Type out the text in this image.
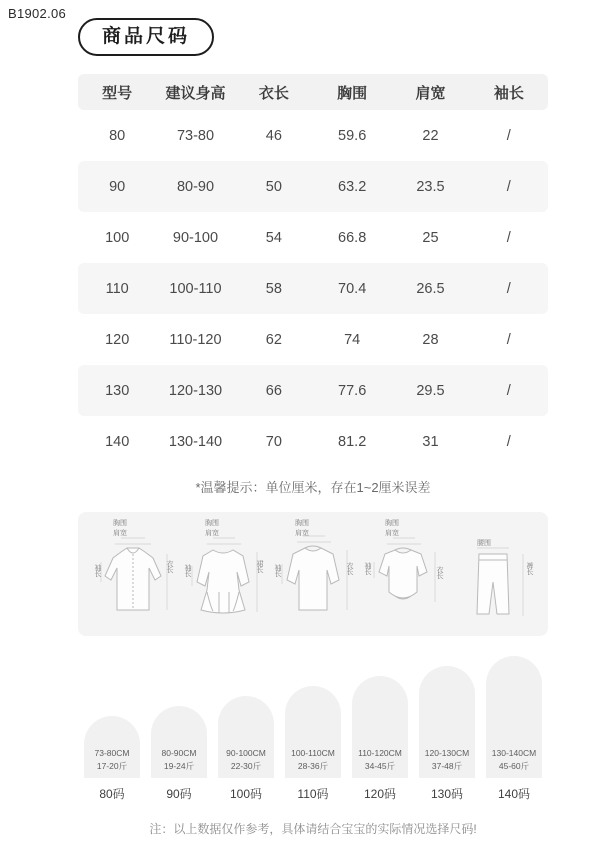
B1902.06
商品尺码
型号	建议身高	衣长	胸围	肩宽	袖长
80	73-80	46	59.6	22	/
90	80-90	50	63.2	23.5	/
100	90-100	54	66.8	25	/
110	100-110	58	70.4	26.5	/
120	110-120	62	74	28	/
130	120-130	66	77.6	29.5	/
140	130-140	70	81.2	31	/
*温馨提示：单位厘米，存在1~2厘米误差
胸围
肩宽
袖长	衣长
胸围
肩宽
袖长	裙长
胸围
肩宽
袖长	衣长
胸围
肩宽
袖长	衣长
腰围
裤长
73-80CM
17-20斤
80码
80-90CM
19-24斤
90码
90-100CM
22-30斤
100码
100-110CM
28-36斤
110码
110-120CM
34-45斤
120码
120-130CM
37-48斤
130码
130-140CM
45-60斤
140码
注：以上数据仅作参考，具体请结合宝宝的实际情况选择尺码!
